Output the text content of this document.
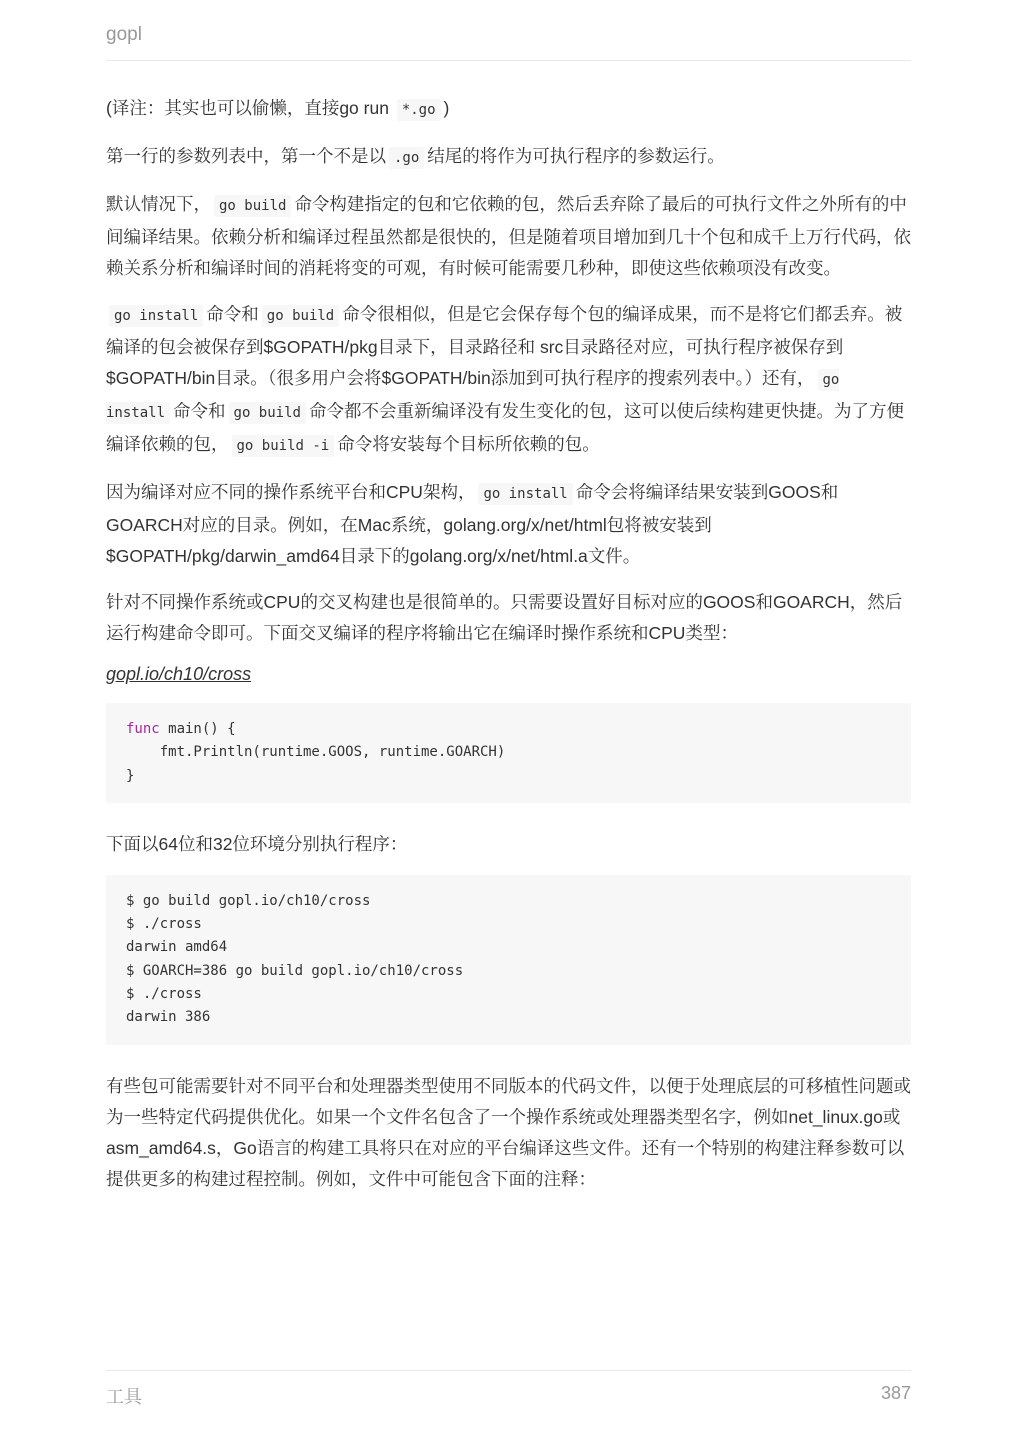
gopl

(译注：其实也可以偷懒，直接go run *.go )

第一行的参数列表中，第一个不是以 .go 结尾的将作为可执行程序的参数运行。

默认情况下， go build 命令构建指定的包和它依赖的包，然后丢弃除了最后的可执行文件之外所有的中间编译结果。依赖分析和编译过程虽然都是很快的，但是随着项目增加到几十个包和成千上万行代码，依赖关系分析和编译时间的消耗将变的可观，有时候可能需要几秒种，即使这些依赖项没有改变。

go install 命令和 go build 命令很相似，但是它会保存每个包的编译成果，而不是将它们都丢弃。被编译的包会被保存到$GOPATH/pkg目录下，目录路径和 src目录路径对应，可执行程序被保存到$GOPATH/bin目录。（很多用户会将$GOPATH/bin添加到可执行程序的搜索列表中。）还有， go install 命令和 go build 命令都不会重新编译没有发生变化的包，这可以使后续构建更快捷。为了方便编译依赖的包， go build -i 命令将安装每个目标所依赖的包。

因为编译对应不同的操作系统平台和CPU架构， go install 命令会将编译结果安装到GOOS和GOARCH对应的目录。例如，在Mac系统，golang.org/x/net/html包将被安装到$GOPATH/pkg/darwin_amd64目录下的golang.org/x/net/html.a文件。

针对不同操作系统或CPU的交叉构建也是很简单的。只需要设置好目标对应的GOOS和GOARCH，然后运行构建命令即可。下面交叉编译的程序将输出它在编译时操作系统和CPU类型：

gopl.io/ch10/cross
func main() {
fmt.Println(runtime.GOOS, runtime.GOARCH)
}

下面以64位和32位环境分别执行程序：

$ go build gopl.io/ch10/cross
$ ./cross
darwin amd64
$ GOARCH=386 go build gopl.io/ch10/cross
$ ./cross
darwin 386

有些包可能需要针对不同平台和处理器类型使用不同版本的代码文件，以便于处理底层的可移植性问题或为一些特定代码提供优化。如果一个文件名包含了一个操作系统或处理器类型名字，例如net_linux.go或asm_amd64.s，Go语言的构建工具将只在对应的平台编译这些文件。还有一个特别的构建注释参数可以提供更多的构建过程控制。例如，文件中可能包含下面的注释：

工具	387
